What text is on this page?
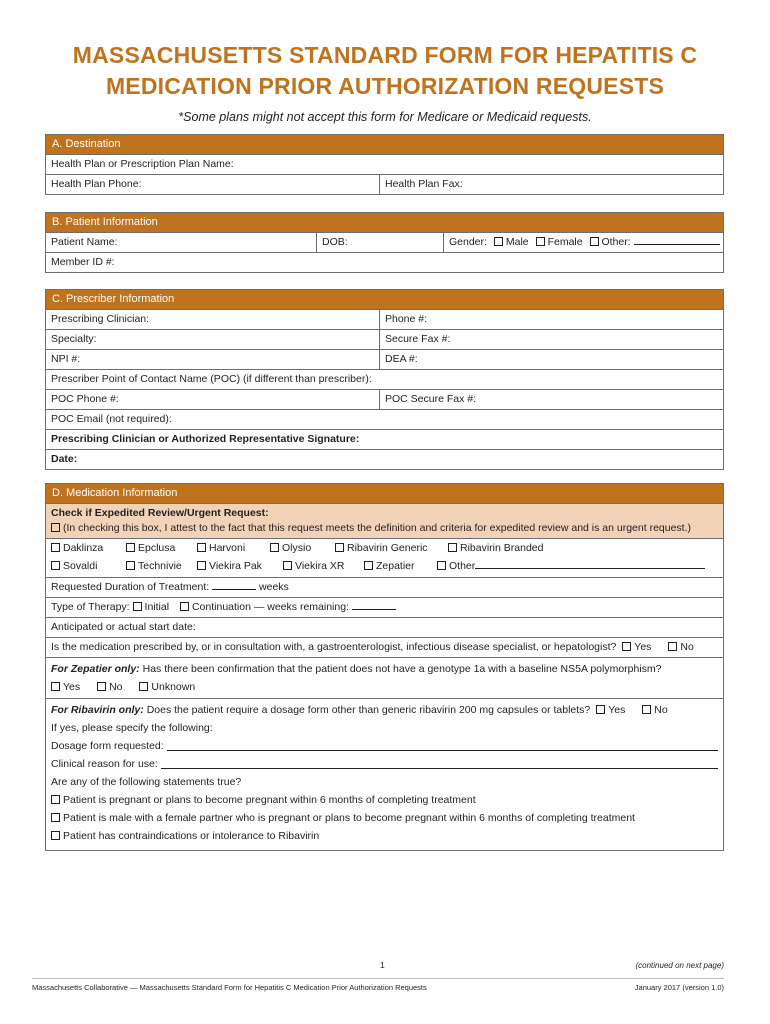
MASSACHUSETTS STANDARD FORM FOR HEPATITIS C
MEDICATION PRIOR AUTHORIZATION REQUESTS
*Some plans might not accept this form for Medicare or Medicaid requests.
A. Destination
Health Plan or Prescription Plan Name:
Health Plan Phone:	Health Plan Fax:
B. Patient Information
Patient Name:	DOB:	Gender: Male Female Other:
Member ID #:
C. Prescriber Information
Prescribing Clinician:	Phone #:
Specialty:	Secure Fax #:
NPI #:	DEA #:
Prescriber Point of Contact Name (POC) (if different than prescriber):
POC Phone #:	POC Secure Fax #:
POC Email (not required):
Prescribing Clinician or Authorized Representative Signature:
Date:
D. Medication Information
Check if Expedited Review/Urgent Request:
(In checking this box, I attest to the fact that this request meets the definition and criteria for expedited review and is an urgent request.)
Daklinza	Epclusa	Harvoni	Olysio	Ribavirin Generic	Ribavirin Branded
Sovaldi	Technivie	Viekira Pak	Viekira XR	Zepatier	Other
Requested Duration of Treatment:	weeks
Type of Therapy: Initial Continuation — weeks remaining:
Anticipated or actual start date:
Is the medication prescribed by, or in consultation with, a gastroenterologist, infectious disease specialist, or hepatologist? Yes	No
For Zepatier only: Has there been confirmation that the patient does not have a genotype 1a with a baseline NS5A polymorphism?
Yes	No	Unknown
For Ribavirin only: Does the patient require a dosage form other than generic ribavirin 200 mg capsules or tablets? Yes	No
If yes, please specify the following:
Dosage form requested:
Clinical reason for use:
Are any of the following statements true?
Patient is pregnant or plans to become pregnant within 6 months of completing treatment
Patient is male with a female partner who is pregnant or plans to become pregnant within 6 months of completing treatment
Patient has contraindications or intolerance to Ribavirin
1	(continued on next page)
Massachusetts Collaborative — Massachusetts Standard Form for Hepatitis C Medication Prior Authorization Requests	January 2017 (version 1.0)
